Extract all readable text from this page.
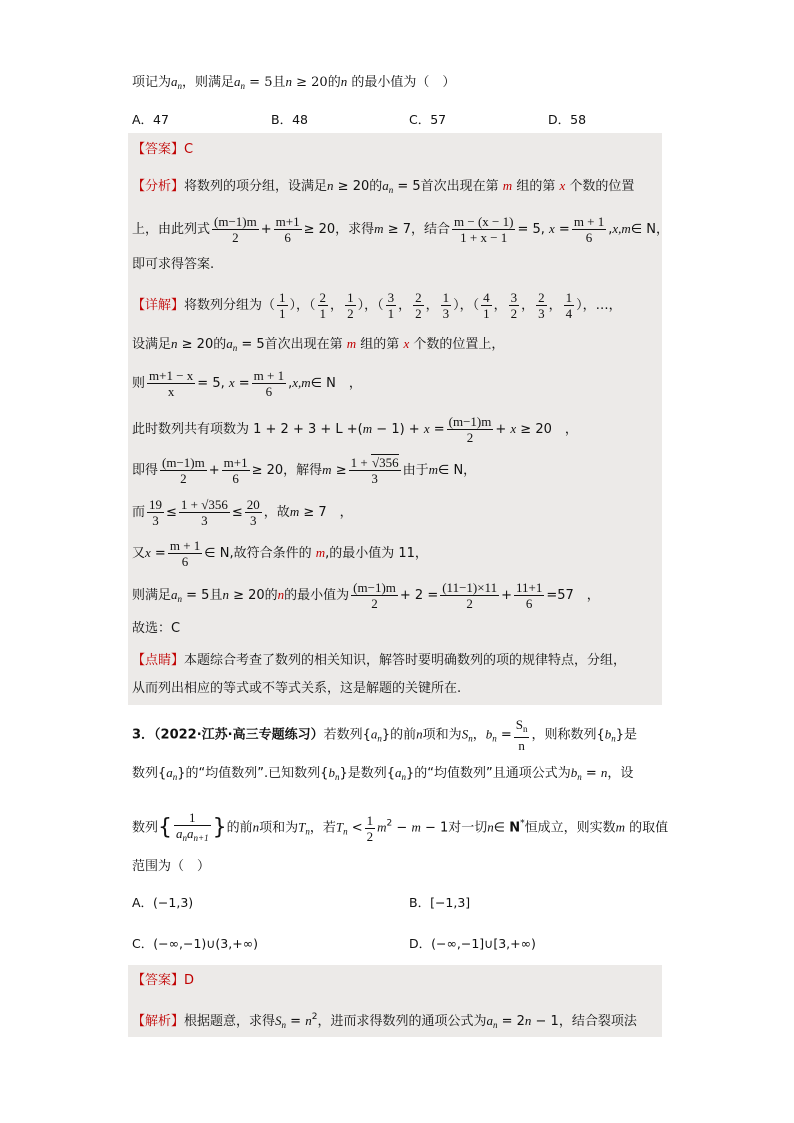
项记为$a_n$，则满足$a_n = 5$且n ≥ 20的n 的最小值为（　）
A．47	B．48	C．57	D．58
【答案】C
【分析】将数列的项分组，设满足n ≥ 20的$a_n = 5$首次出现在第 m 组的第 x 个数的位置
上，由此列式 $\frac{(m-1)m}{2} + \frac{m+1}{6} \ge 20$，求得m ≥ 7，结合 $\frac{m - (x - 1)}{1 + x - 1} = 5$, $x = \frac{m + 1}{6}$ ,x,m∈ N，
即可求得答案.
【详解】将数列分组为（ $\frac{1}{1}$ ），（ $\frac{2}{1}$ ， $\frac{1}{2}$ ），（ $\frac{3}{1}$ ， $\frac{2}{2}$ ， $\frac{1}{3}$ ），（ $\frac{4}{1}$ ， $\frac{3}{2}$ ， $\frac{2}{3}$ ， $\frac{1}{4}$ ），…，
设满足n ≥ 20的$a_n = 5$首次出现在第 m 组的第 x 个数的位置上，
则 $\frac{m+1 - x}{x} = 5$, $x = \frac{m + 1}{6}$ ,x,m∈ N　，
此时数列共有项数为 $1 + 2 + 3 + L +(m - 1) + x = \frac{(m-1)m}{2} + x \ge 20$　，
即得 $\frac{(m-1)m}{2} + \frac{m+1}{6} \ge 20$，解得$m \ge \frac{1 + √356}{3}$ 由于m∈ N，
而 $\frac{19}{3} \le \frac{1 + √356}{3} \le \frac{20}{3}$ ，故m ≥ 7　，
又$x = \frac{m + 1}{6}$ ∈ N,故符合条件的 m,的最小值为 11，
则满足$a_n = 5$且n ≥ 20的n的最小值为 $\frac{(m-1)m}{2} + 2 = \frac{(11-1)\times 11}{2} + \frac{11+1}{6} =57$　，
故选：C
【点睛】本题综合考查了数列的相关知识，解答时要明确数列的项的规律特点，分组，
从而列出相应的等式或不等式关系，这是解题的关键所在.
3．（2022·江苏·高三专题练习）若数列$\{a_n\}$的前n项和为$S_n$，$b_n = \frac{S_n}{n}$ ，则称数列$\{b_n\}$是
数列$\{a_n\}$的“均值数列”.已知数列$\{b_n\}$是数列$\{a_n\}$的“均值数列”且通项公式为$b_n = n$，设
数列{ $\frac{1}{a_na_{n+1}}$ }的前n项和为$T_n$，若$T_n < \frac{1}{2} m^2 - m - 1$对一切n∈ N*恒成立，则实数m 的取值
范围为（　）
A．(−1,3)	B．[−1,3]
C．(−∞,−1)∪(3,+∞)	D．(−∞,−1]∪[3,+∞)
【答案】D
【解析】根据题意，求得$S_n = n^2$，进而求得数列的通项公式为$a_n = 2n - 1$，结合裂项法
